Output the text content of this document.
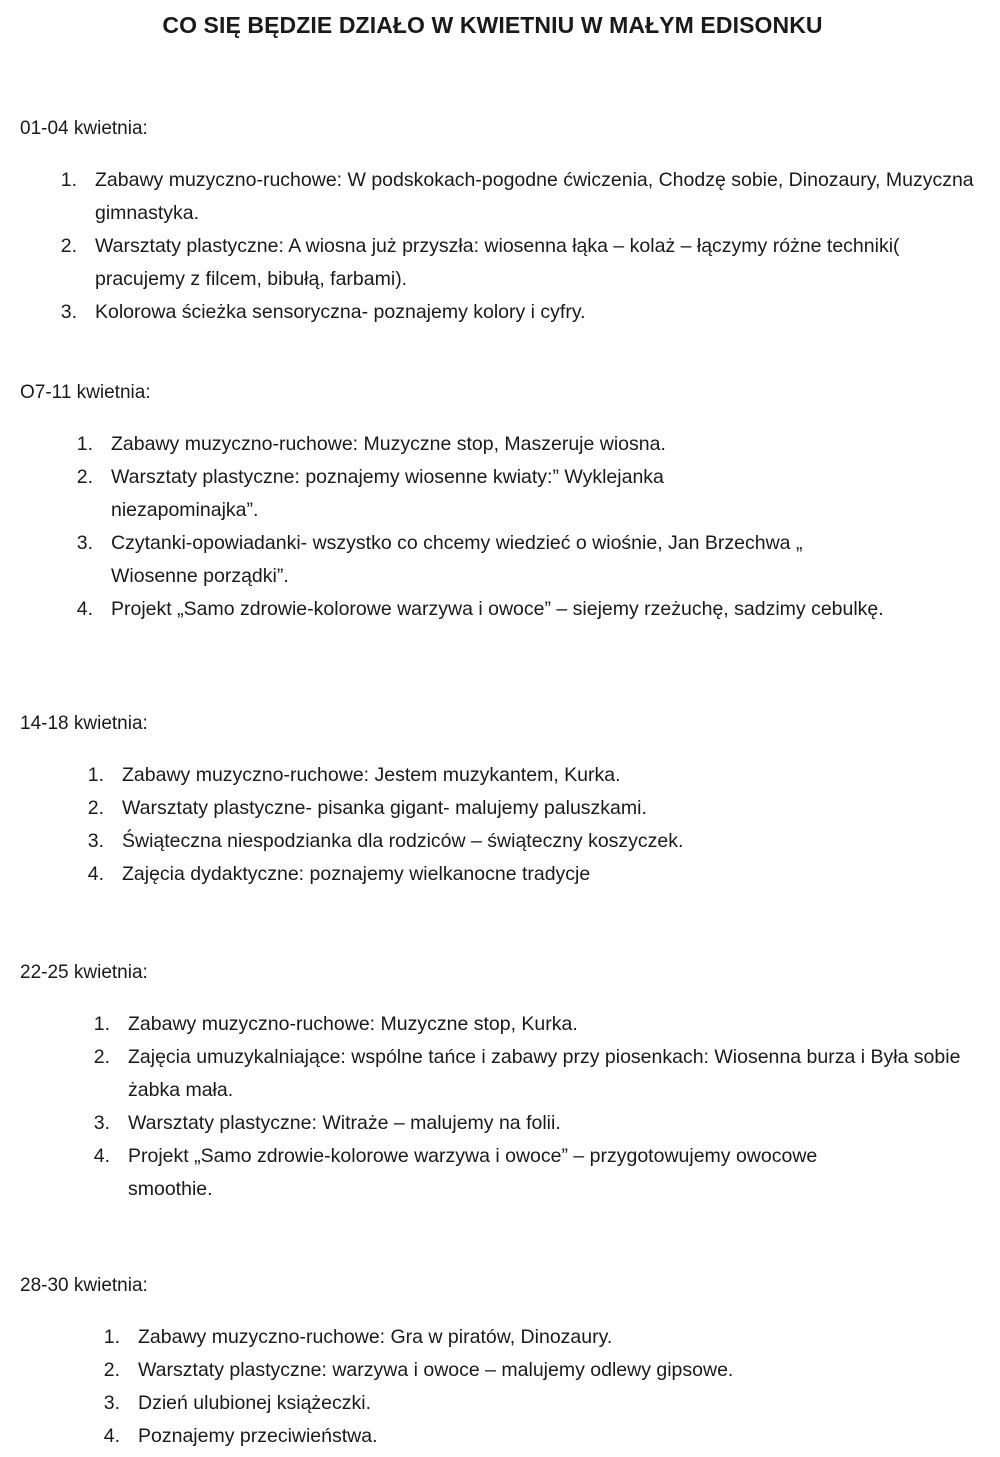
CO SIĘ BĘDZIE DZIAŁO W KWIETNIU W MAŁYM EDISONKU

01-04 kwietnia:

1. Zabawy muzyczno-ruchowe: W podskokach-pogodne ćwiczenia, Chodzę sobie, Dinozaury, Muzyczna gimnastyka.
2. Warsztaty plastyczne: A wiosna już przyszła: wiosenna łąka – kolaż – łączymy różne techniki( pracujemy z filcem, bibułą, farbami).
3. Kolorowa ścieżka sensoryczna- poznajemy kolory i cyfry.

O7-11 kwietnia:

1. Zabawy muzyczno-ruchowe: Muzyczne stop, Maszeruje wiosna.
2. Warsztaty plastyczne: poznajemy wiosenne kwiaty:” Wyklejanka niezapominajka”.
3. Czytanki-opowiadanki- wszystko co chcemy wiedzieć o wiośnie, Jan Brzechwa „ Wiosenne porządki”.
4. Projekt „Samo zdrowie-kolorowe warzywa i owoce” – siejemy rzeżuchę, sadzimy cebulkę.

14-18 kwietnia:

1. Zabawy muzyczno-ruchowe: Jestem muzykantem, Kurka.
2. Warsztaty plastyczne- pisanka gigant- malujemy paluszkami.
3. Świąteczna niespodzianka dla rodziców – świąteczny koszyczek.
4. Zajęcia dydaktyczne: poznajemy wielkanocne tradycje

22-25 kwietnia:

1. Zabawy muzyczno-ruchowe: Muzyczne stop, Kurka.
2. Zajęcia umuzykalniające: wspólne tańce i zabawy przy piosenkach: Wiosenna burza i Była sobie żabka mała.
3. Warsztaty plastyczne: Witraże – malujemy na folii.
4. Projekt „Samo zdrowie-kolorowe warzywa i owoce” – przygotowujemy owocowe smoothie.

28-30 kwietnia:

1. Zabawy muzyczno-ruchowe: Gra w piratów, Dinozaury.
2. Warsztaty plastyczne: warzywa i owoce – malujemy odlewy gipsowe.
3. Dzień ulubionej książeczki.
4. Poznajemy przeciwieństwa.
